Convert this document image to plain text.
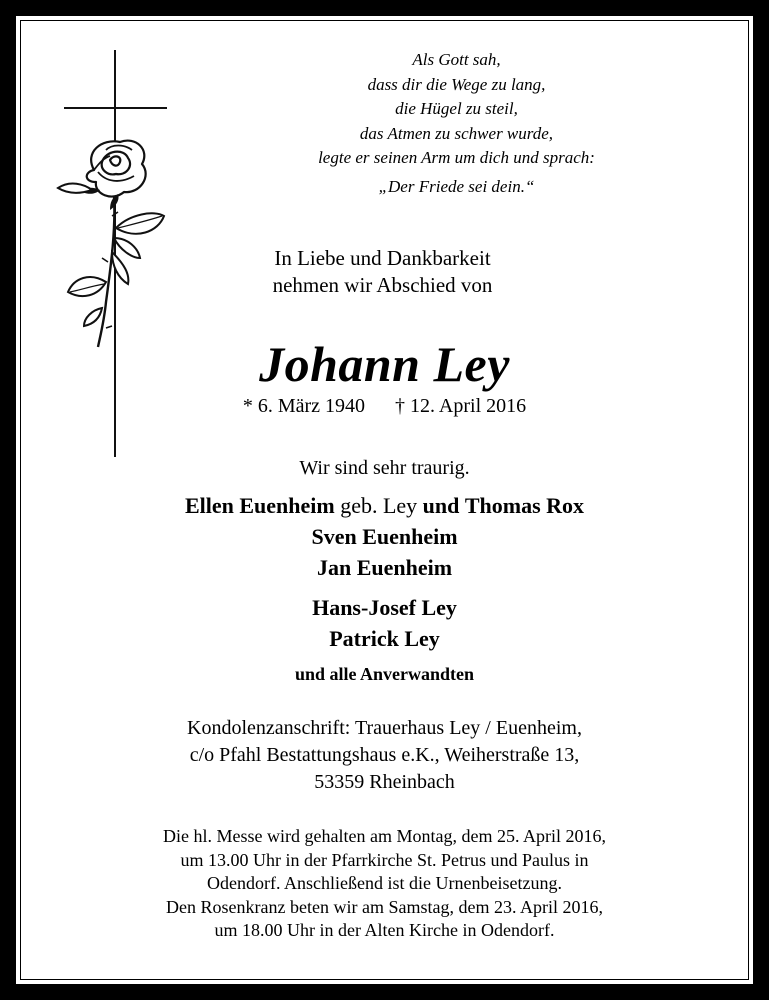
Als Gott sah,
dass dir die Wege zu lang,
die Hügel zu steil,
das Atmen zu schwer wurde,
legte er seinen Arm um dich und sprach:
„Der Friede sei dein.“
In Liebe und Dankbarkeit
nehmen wir Abschied von
Johann Ley
* 6. März 1940 † 12. April 2016
Wir sind sehr traurig.
Ellen Euenheim geb. Ley und Thomas Rox
Sven Euenheim
Jan Euenheim
Hans-Josef Ley
Patrick Ley
und alle Anverwandten
Kondolenzanschrift: Trauerhaus Ley / Euenheim,
c/o Pfahl Bestattungshaus e.K., Weiherstraße 13,
53359 Rheinbach
Die hl. Messe wird gehalten am Montag, dem 25. April 2016,
um 13.00 Uhr in der Pfarrkirche St. Petrus und Paulus in
Odendorf. Anschließend ist die Urnenbeisetzung.
Den Rosenkranz beten wir am Samstag, dem 23. April 2016,
um 18.00 Uhr in der Alten Kirche in Odendorf.
